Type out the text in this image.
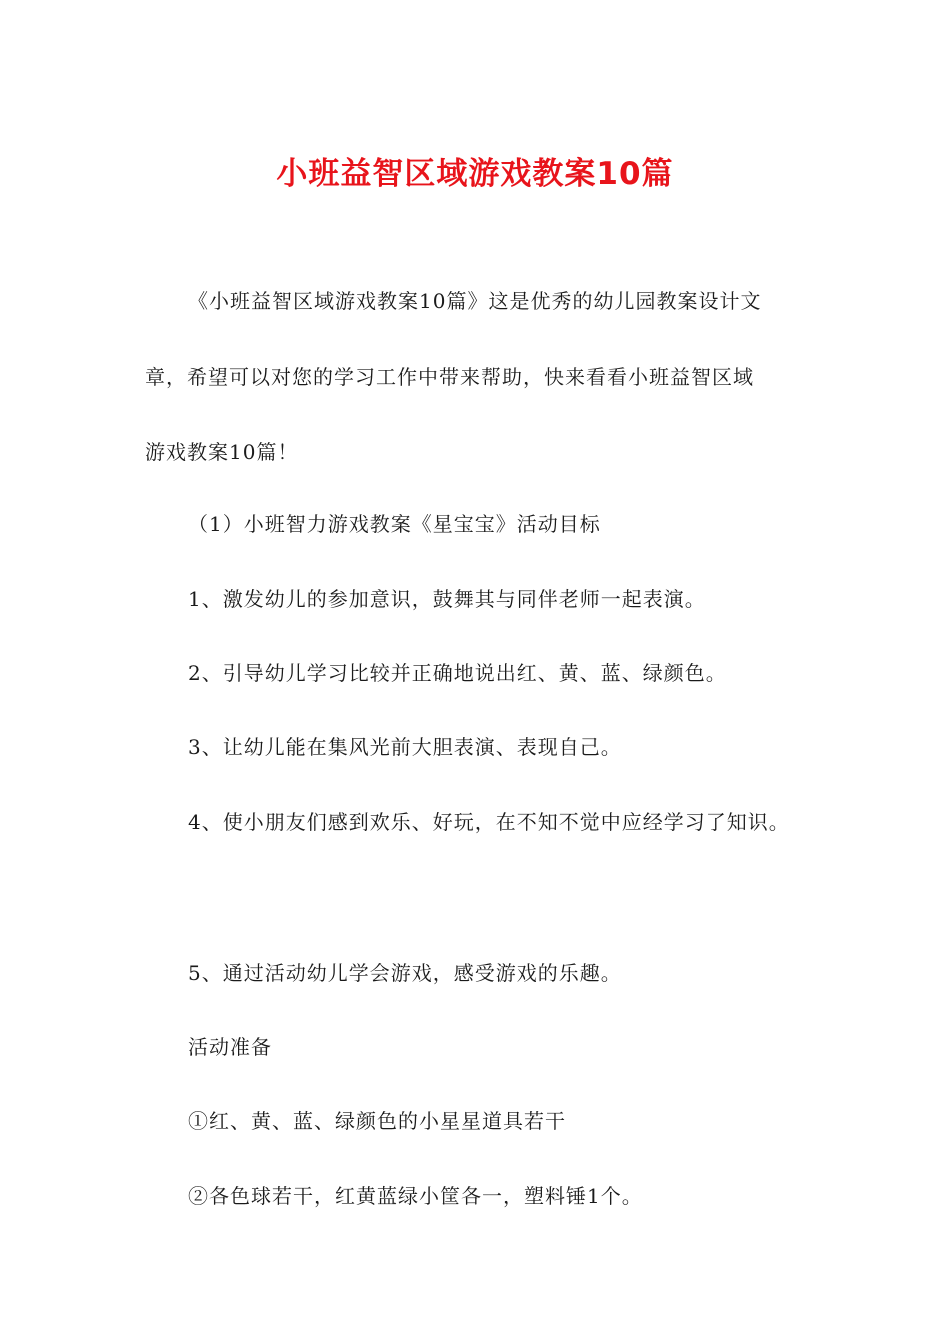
小班益智区域游戏教案10篇

《小班益智区域游戏教案10篇》这是优秀的幼儿园教案设计文

章，希望可以对您的学习工作中带来帮助，快来看看小班益智区域

游戏教案10篇！

（1）小班智力游戏教案《星宝宝》活动目标

1、激发幼儿的参加意识，鼓舞其与同伴老师一起表演。

2、引导幼儿学习比较并正确地说出红、黄、蓝、绿颜色。

3、让幼儿能在集风光前大胆表演、表现自己。

4、使小朋友们感到欢乐、好玩，在不知不觉中应经学习了知识。

5、通过活动幼儿学会游戏，感受游戏的乐趣。

活动准备

①红、黄、蓝、绿颜色的小星星道具若干

②各色球若干，红黄蓝绿小筐各一，塑料锤1个。
